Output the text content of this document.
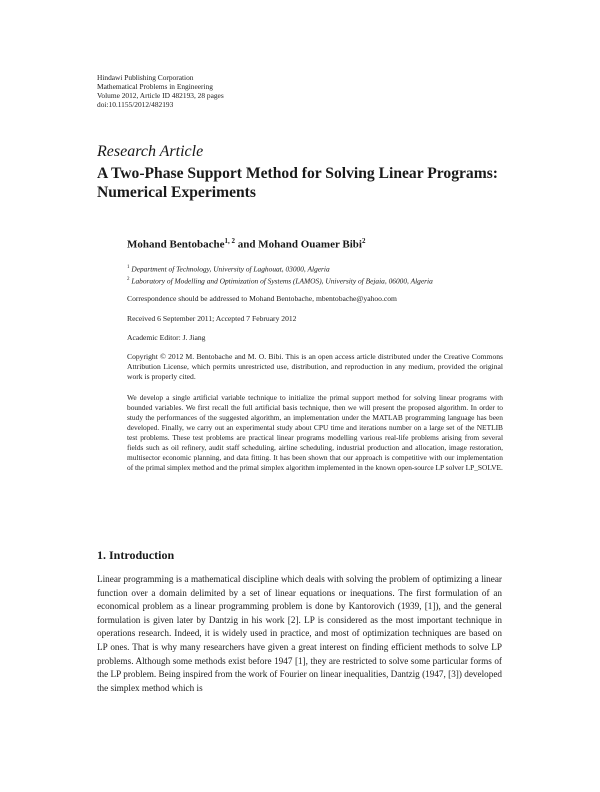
Hindawi Publishing Corporation
Mathematical Problems in Engineering
Volume 2012, Article ID 482193, 28 pages
doi:10.1155/2012/482193
Research Article
A Two-Phase Support Method for Solving Linear Programs: Numerical Experiments
Mohand Bentobache$^{1, 2}$ and Mohand Ouamer Bibi$^2$
$^1$ Department of Technology, University of Laghouat, 03000, Algeria
$^2$ Laboratory of Modelling and Optimization of Systems (LAMOS), University of Bejaia, 06000, Algeria
Correspondence should be addressed to Mohand Bentobache, mbentobache@yahoo.com
Received 6 September 2011; Accepted 7 February 2012
Academic Editor: J. Jiang
Copyright © 2012 M. Bentobache and M. O. Bibi. This is an open access article distributed under the Creative Commons Attribution License, which permits unrestricted use, distribution, and reproduction in any medium, provided the original work is properly cited.
We develop a single artificial variable technique to initialize the primal support method for solving linear programs with bounded variables. We first recall the full artificial basis technique, then we will present the proposed algorithm. In order to study the performances of the suggested algorithm, an implementation under the MATLAB programming language has been developed. Finally, we carry out an experimental study about CPU time and iterations number on a large set of the NETLIB test problems. These test problems are practical linear programs modelling various real-life problems arising from several fields such as oil refinery, audit staff scheduling, airline scheduling, industrial production and allocation, image restoration, multisector economic planning, and data fitting. It has been shown that our approach is competitive with our implementation of the primal simplex method and the primal simplex algorithm implemented in the known open-source LP solver LP_SOLVE.
1. Introduction
Linear programming is a mathematical discipline which deals with solving the problem of optimizing a linear function over a domain delimited by a set of linear equations or inequations. The first formulation of an economical problem as a linear programming problem is done by Kantorovich (1939, [1]), and the general formulation is given later by Dantzig in his work [2]. LP is considered as the most important technique in operations research. Indeed, it is widely used in practice, and most of optimization techniques are based on LP ones. That is why many researchers have given a great interest on finding efficient methods to solve LP problems. Although some methods exist before 1947 [1], they are restricted to solve some particular forms of the LP problem. Being inspired from the work of Fourier on linear inequalities, Dantzig (1947, [3]) developed the simplex method which is
